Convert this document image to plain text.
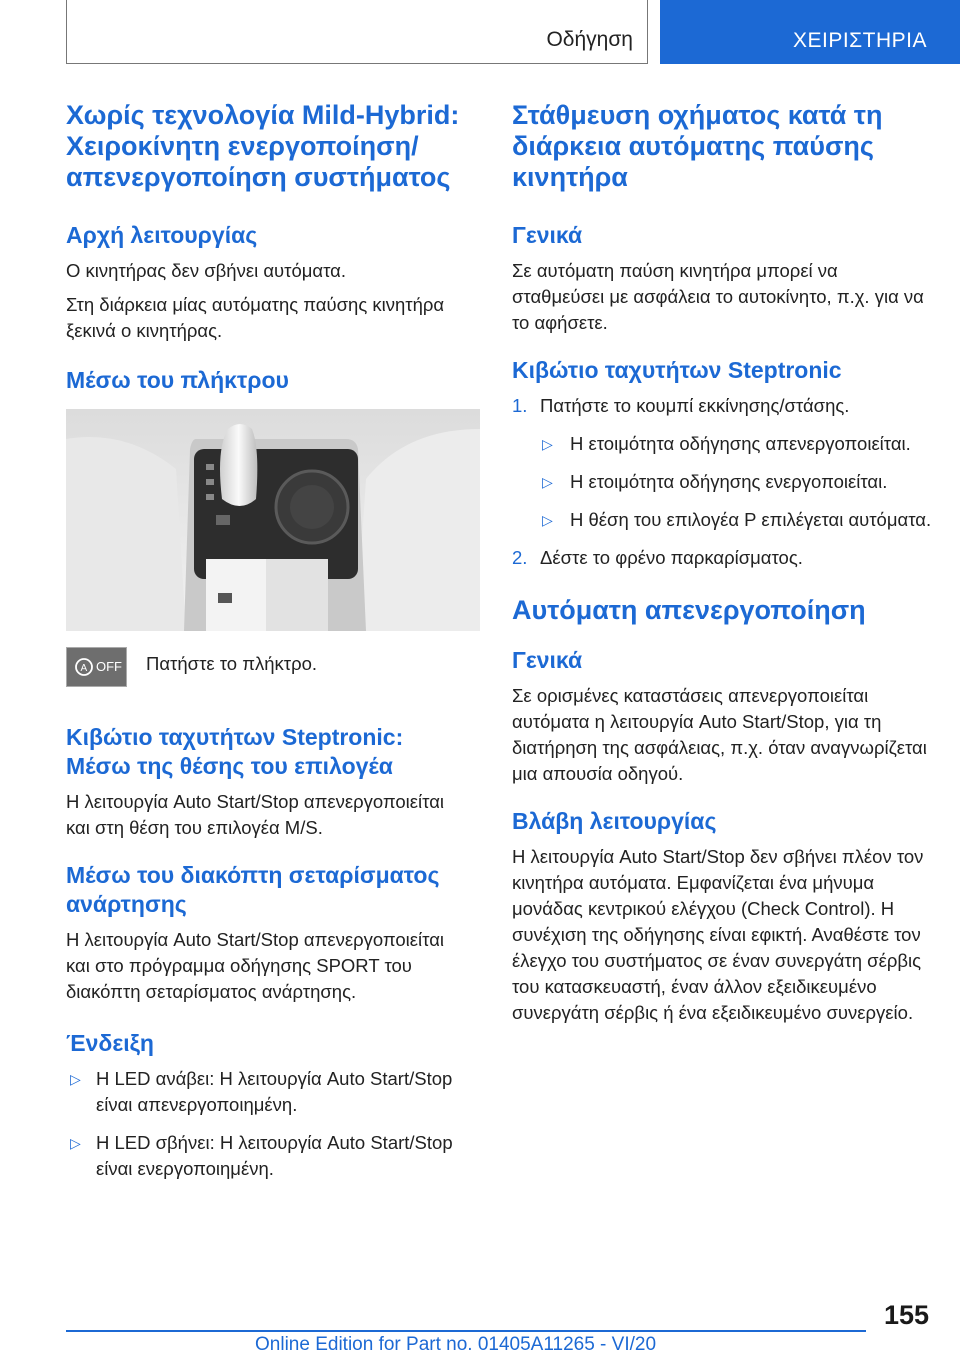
Οδήγηση	ΧΕΙΡΙΣΤΗΡΙΑ
Χωρίς τεχνολογία Mild-Hybrid: Χειροκίνητη ενεργοποίηση/απενεργοποίηση συστήματος
Αρχή λειτουργίας

Ο κινητήρας δεν σβήνει αυτόματα.

Στη διάρκεια μίας αυτόματης παύσης κινητήρα ξεκινά ο κινητήρας.

Μέσω του πλήκτρου
A OFF Πατήστε το πλήκτρο.

Κιβώτιο ταχυτήτων Steptronic: Μέσω της θέσης του επιλογέα

Η λειτουργία Auto Start/Stop απενεργοποιείται και στη θέση του επιλογέα M/S.

Μέσω του διακόπτη σεταρίσματος ανάρτησης

Η λειτουργία Auto Start/Stop απενεργοποιείται και στο πρόγραμμα οδήγησης SPORT του διακόπτη σεταρίσματος ανάρτησης.

Ένδειξη

▷ Η LED ανάβει: Η λειτουργία Auto Start/Stop είναι απενεργοποιημένη.

▷ Η LED σβήνει: Η λειτουργία Auto Start/Stop είναι ενεργοποιημένη.

Στάθμευση οχήματος κατά τη διάρκεια αυτόματης παύσης κινητήρα
Γενικά

Σε αυτόματη παύση κινητήρα μπορεί να σταθμεύσει με ασφάλεια το αυτοκίνητο, π.χ. για να το αφήσετε.

Κιβώτιο ταχυτήτων Steptronic

1. Πατήστε το κουμπί εκκίνησης/στάσης.

▷ Η ετοιμότητα οδήγησης απενεργοποιείται.

▷ Η ετοιμότητα οδήγησης ενεργοποιείται.

▷ Η θέση του επιλογέα P επιλέγεται αυτόματα.

2. Δέστε το φρένο παρκαρίσματος.

Αυτόματη απενεργοποίηση
Γενικά

Σε ορισμένες καταστάσεις απενεργοποιείται αυτόματα η λειτουργία Auto Start/Stop, για τη διατήρηση της ασφάλειας, π.χ. όταν αναγνωρίζεται μια απουσία οδηγού.

Βλάβη λειτουργίας

Η λειτουργία Auto Start/Stop δεν σβήνει πλέον τον κινητήρα αυτόματα. Εμφανίζεται ένα μήνυμα μονάδας κεντρικού ελέγχου (Check Control). Η συνέχιση της οδήγησης είναι εφικτή. Αναθέστε τον έλεγχο του συστήματος σε έναν συνεργάτη σέρβις του κατασκευαστή, έναν άλλον εξειδικευμένο συνεργάτη σέρβις ή ένα εξειδικευμένο συνεργείο.

155
Online Edition for Part no. 01405A11265 - VI/20
